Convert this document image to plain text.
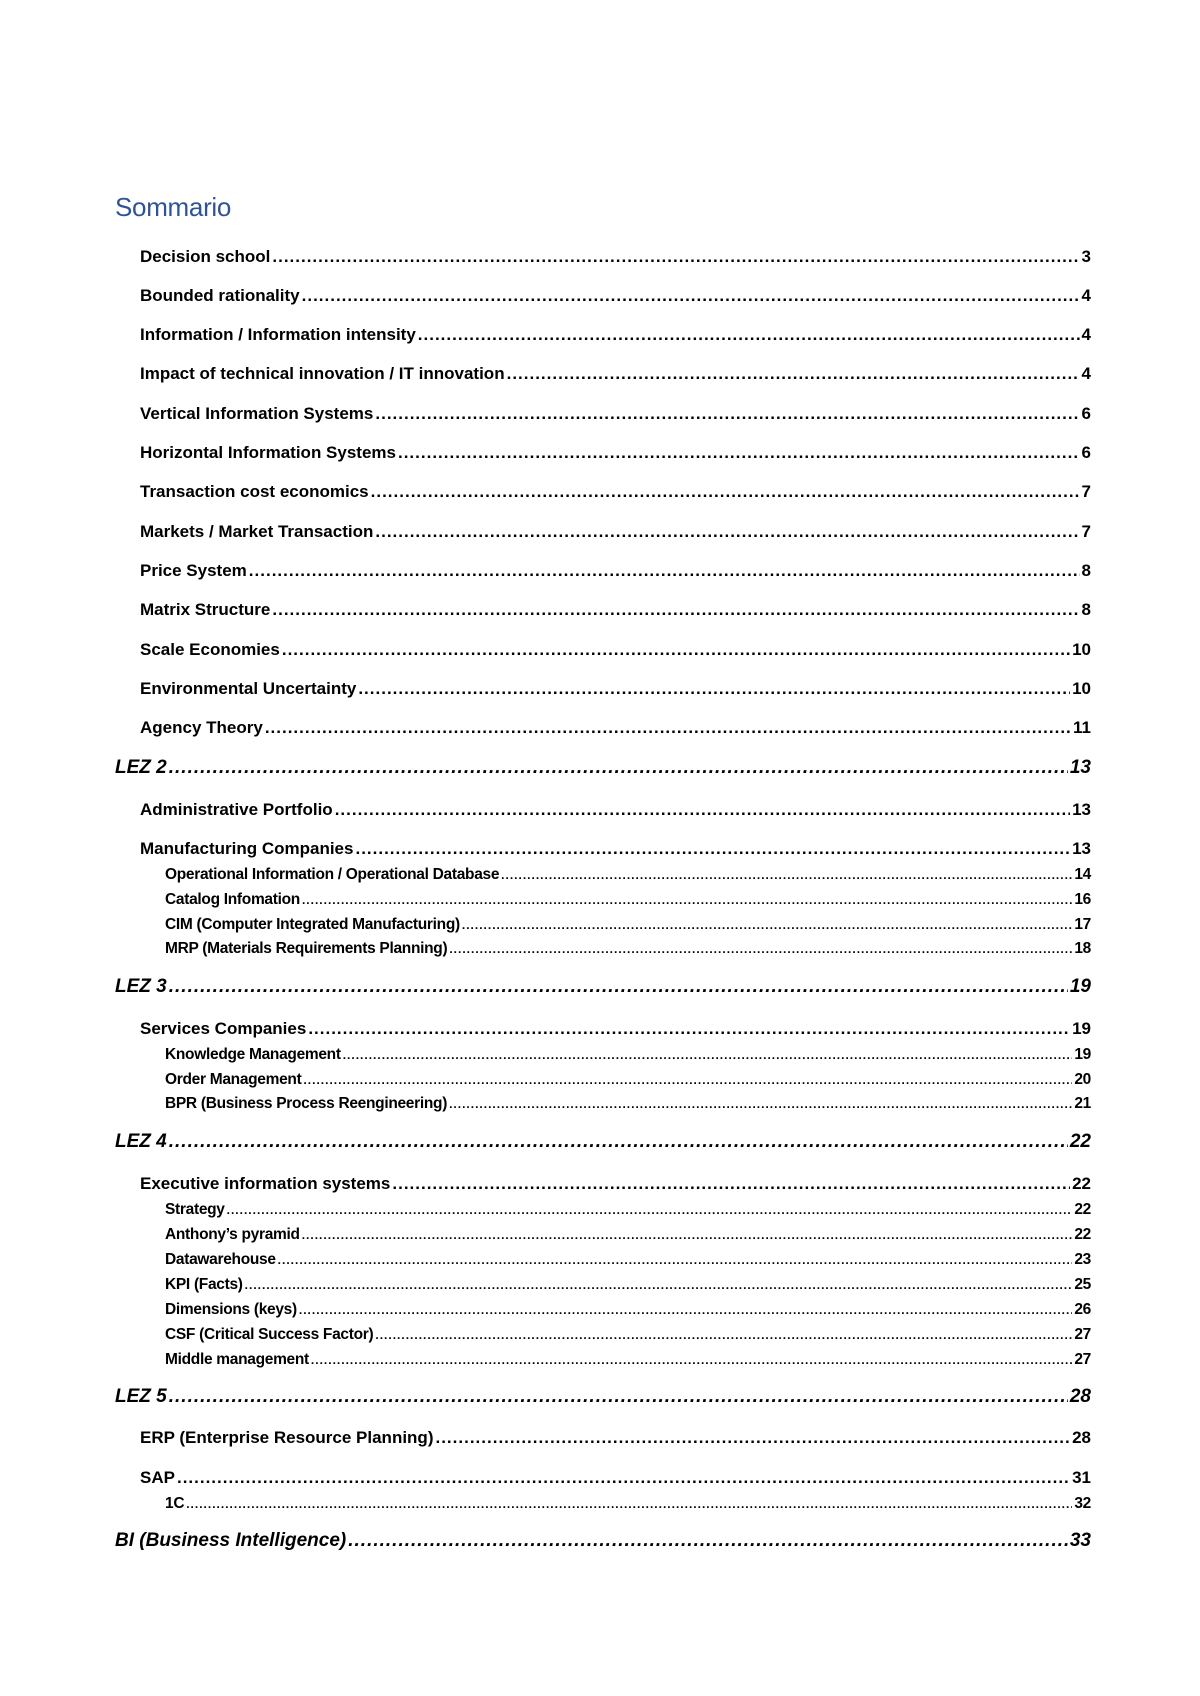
Sommario
Decision school .....	3
Bounded rationality .....	4
Information / Information intensity .....	4
Impact of technical innovation / IT innovation .....	4
Vertical Information Systems .....	6
Horizontal Information Systems .....	6
Transaction cost economics .....	7
Markets / Market Transaction .....	7
Price System .....	8
Matrix Structure .....	8
Scale Economies .....	10
Environmental Uncertainty .....	10
Agency Theory .....	11
LEZ 2 .....	13
Administrative Portfolio .....	13
Manufacturing Companies .....	13
Operational Information / Operational Database .....	14
Catalog Infomation .....	16
CIM (Computer Integrated Manufacturing) .....	17
MRP (Materials Requirements Planning) .....	18
LEZ 3 .....	19
Services Companies .....	19
Knowledge Management .....	19
Order Management .....	20
BPR (Business Process Reengineering) .....	21
LEZ 4 .....	22
Executive information systems .....	22
Strategy .....	22
Anthony’s pyramid .....	22
Datawarehouse .....	23
KPI (Facts) .....	25
Dimensions (keys) .....	26
CSF (Critical Success Factor) .....	27
Middle management .....	27
LEZ 5 .....	28
ERP (Enterprise Resource Planning) .....	28
SAP .....	31
1C .....	32
BI (Business Intelligence) .....	33
